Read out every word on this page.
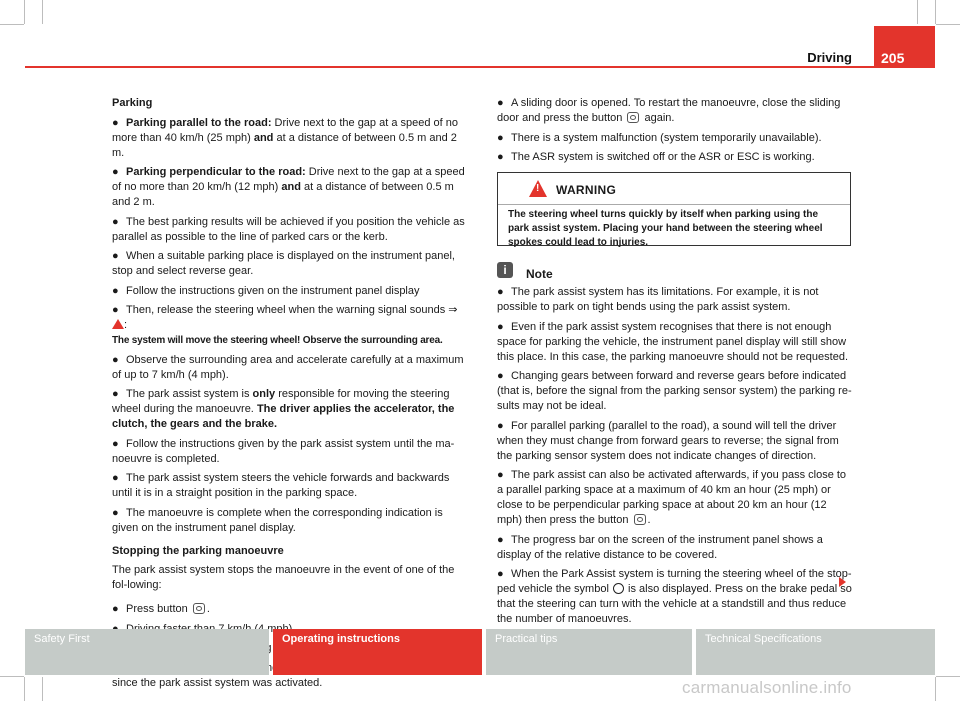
Driving	205

Parking

● Parking parallel to the road: Drive next to the gap at a speed of no more than 40 km/h (25 mph) and at a distance of between 0.5 m and 2 m.

● Parking perpendicular to the road: Drive next to the gap at a speed of no more than 20 km/h (12 mph) and at a distance of between 0.5 m and 2 m.

● The best parking results will be achieved if you position the vehicle as parallel as possible to the line of parked cars or the kerb.

● When a suitable parking place is displayed on the instrument panel, stop and select reverse gear.

● Follow the instructions given on the instrument panel display

● Then, release the steering wheel when the warning signal sounds ⇒ :

The system will move the steering wheel! Observe the surrounding area.

● Observe the surrounding area and accelerate carefully at a maximum of up to 7 km/h (4 mph).

● The park assist system is only responsible for moving the steering wheel during the manoeuvre. The driver applies the accelerator, the clutch, the gears and the brake.

● Follow the instructions given by the park assist system until the ma-noeuvre is completed.

● The park assist system steers the vehicle forwards and backwards until it is in a straight position in the parking space.

● The manoeuvre is complete when the corresponding indication is given on the instrument panel display.

Stopping the parking manoeuvre

The park assist system stops the manoeuvre in the event of one of the fol-lowing:

● Press button .

since the park assist system was activated.

● A sliding door is opened. To restart the manoeuvre, close the sliding door and press the button  again.

● There is a system malfunction (system temporarily unavailable).

● The ASR system is switched off or the ASR or ESC is working.

! WARNING
The steering wheel turns quickly by itself when parking using the park assist system. Placing your hand between the steering wheel spokes could lead to injuries.
i	Note

● The park assist system has its limitations. For example, it is not possible to park on tight bends using the park assist system.

● Even if the park assist system recognises that there is not enough space for parking the vehicle, the instrument panel display will still show this place. In this case, the parking manoeuvre should not be requested.

● Changing gears between forward and reverse gears before indicated (that is, before the signal from the parking sensor system) the parking re-sults may not be ideal.

● For parallel parking (parallel to the road), a sound will tell the driver when they must change from forward gears to reverse; the signal from the parking sensor system does not indicate changes of direction.

● The park assist can also be activated afterwards, if you pass close to a parallel parking space at a maximum of 40 km an hour (25 mph) or close to be perpendicular parking space at about 20 km an hour (12 mph) then press the button .

● The progress bar on the screen of the instrument panel shows a display of the relative distance to be covered.

● When the Park Assist system is turning the steering wheel of the stop-ped vehicle the symbol  is also displayed. Press on the brake pedal so that the steering can turn with the vehicle at a standstill and thus reduce the number of manoeuvres.

Safety First	Operating instructions	Practical tips	Technical Specifications
carmanualsonline.info
